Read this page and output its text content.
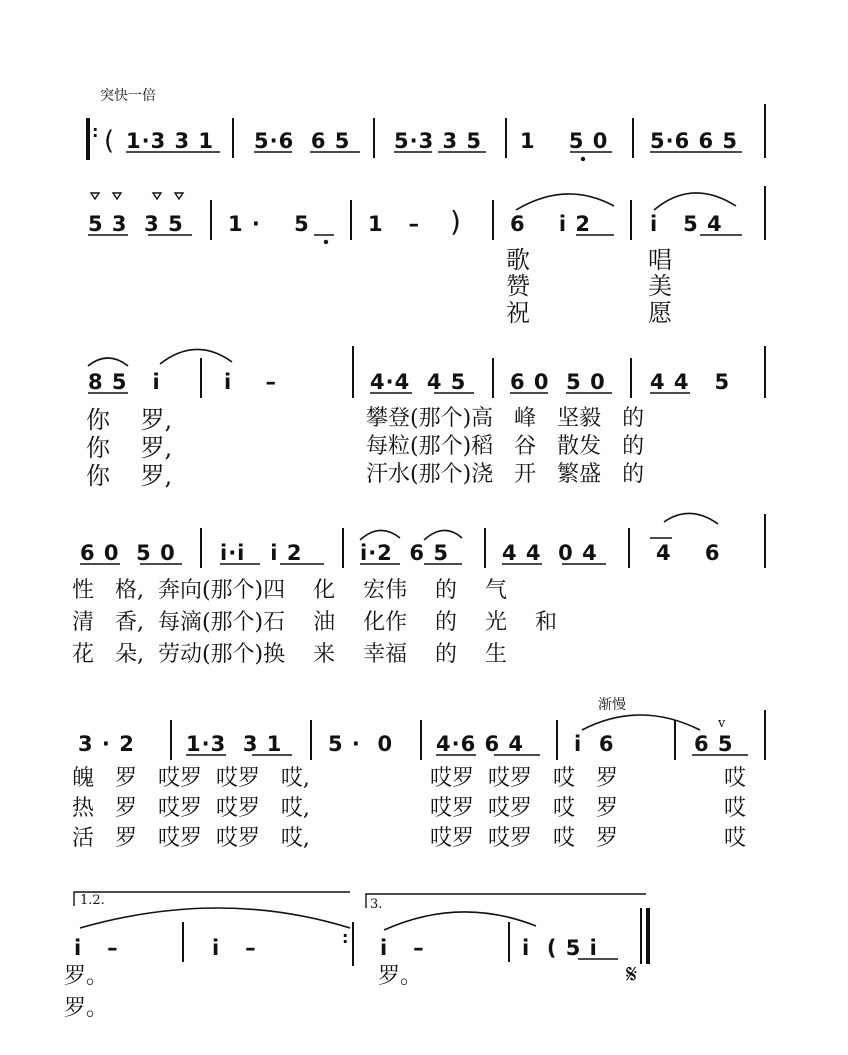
突快一倍
: ( 1·3 3 1 5·6  6 5 5·3 3 5 1    5 0 5·6 6 5
5 3  3 5 1 ·    5	1   – ) 6    i 2	i   5 4
歌
赞
祝
唱
美
愿
8 5   i	i    –	4·4  4 5 6 0  5 0 4 4   5
你    罗,
你    罗,
你    罗,
攀登(那个)高   峰   坚毅   的
每粒(那个)稻   谷   散发   的
汗水(那个)浇   开   繁盛   的
6 0  5 0 i·i   i 2	i·2  6 5	4 4  0 4	4    6
性   格,  奔向(那个)四    化    宏伟    的    气
清   香,  每滴(那个)石    油    化作    的    光    和
花   朵,  劳动(那个)换    来    幸福    的    生
渐慢
3 · 2 1·3  3 1 5 ·  0 4·6 6 4 i  6	6 5
v
魄   罗   哎罗  哎罗   哎,
热   罗   哎罗  哎罗   哎,
活   罗   哎罗  哎罗   哎,
哎罗  哎罗   哎   罗
哎罗  哎罗   哎   罗
哎罗  哎罗   哎   罗
哎
哎
哎
1.2.	3.
i   –	i   –	: i   –	i  ( 5 i
罗。
罗。
罗。	𝄋
